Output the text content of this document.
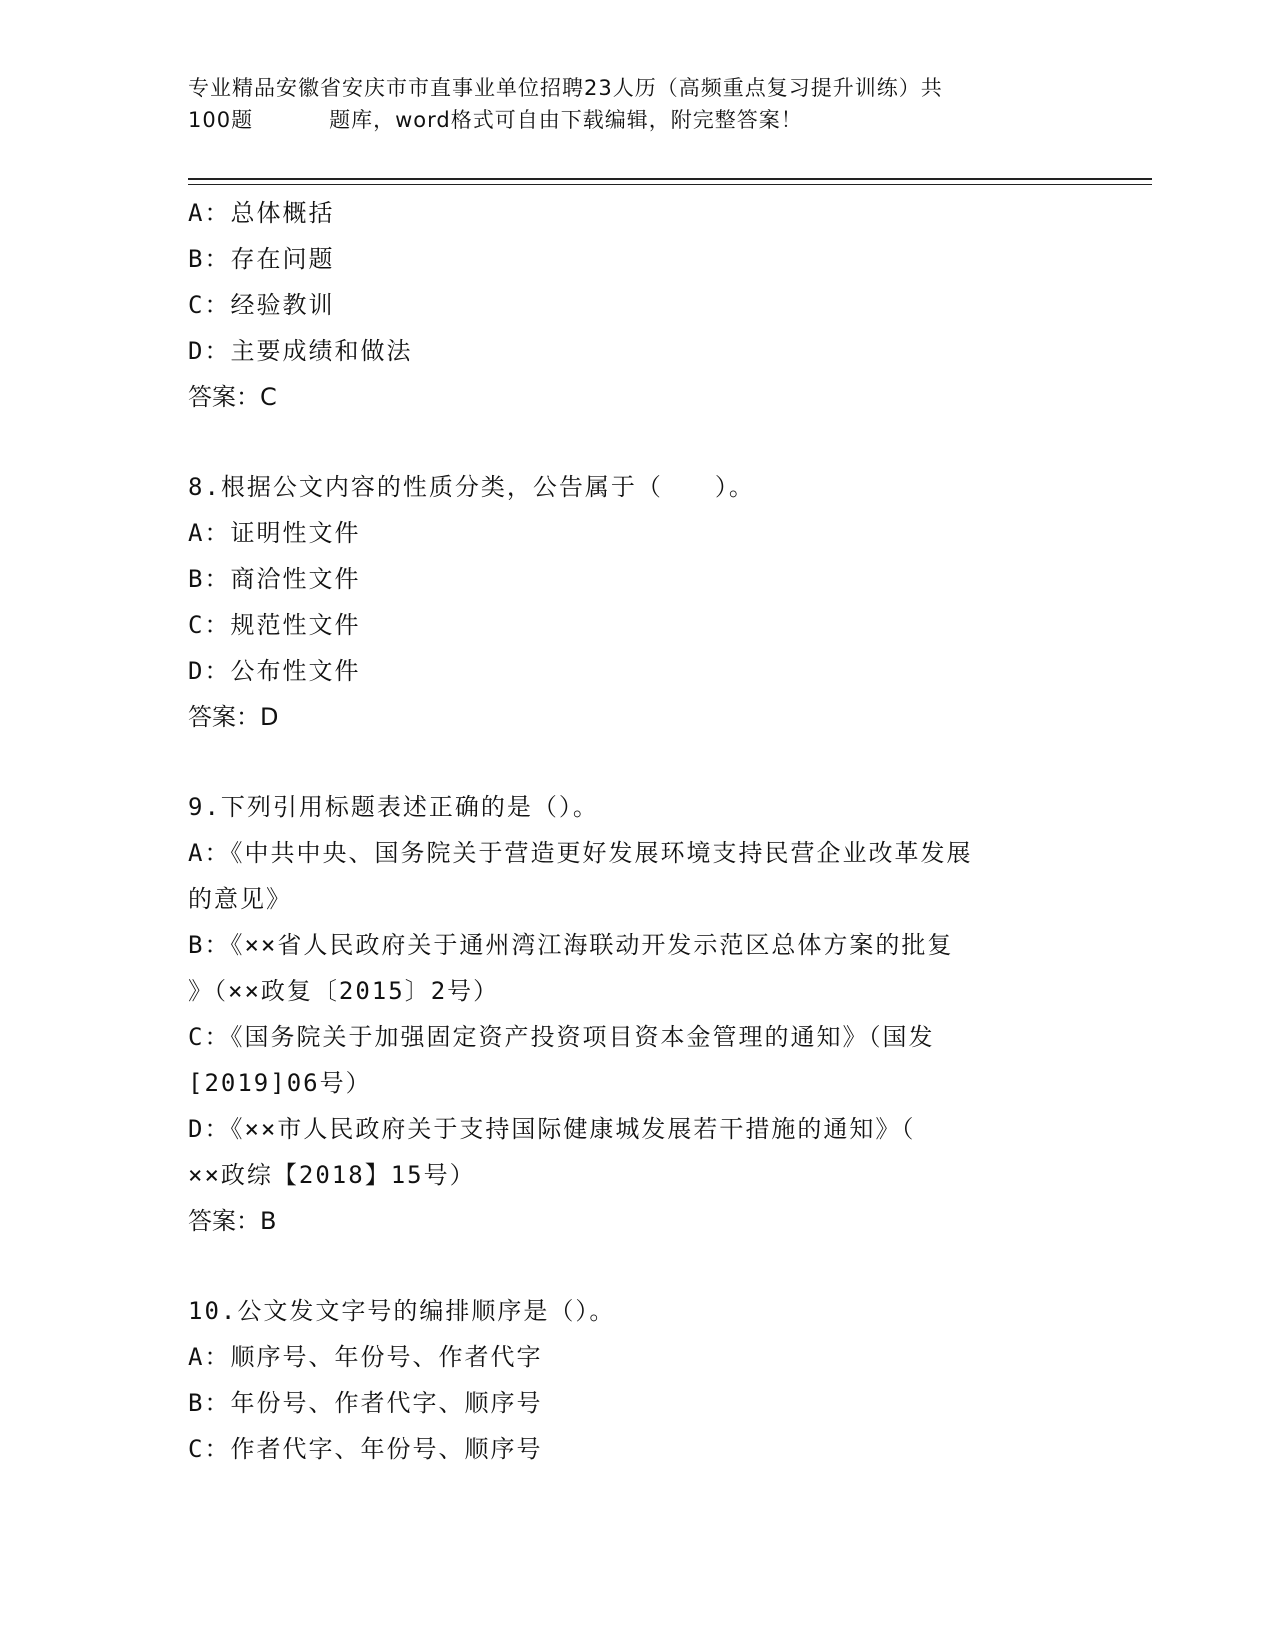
专业精品安徽省安庆市市直事业单位招聘23人历（高频重点复习提升训练）共
100题	题库，word格式可自由下载编辑，附完整答案！
A：总体概括
B：存在问题
C：经验教训
D：主要成绩和做法
答案：C
8.根据公文内容的性质分类，公告属于（　　）。
A：证明性文件
B：商洽性文件
C：规范性文件
D：公布性文件
答案：D
9.下列引用标题表述正确的是（）。
A：《中共中央、国务院关于营造更好发展环境支持民营企业改革发展
的意见》
B：《××省人民政府关于通州湾江海联动开发示范区总体方案的批复
》（××政复〔2015〕2号）
C：《国务院关于加强固定资产投资项目资本金管理的通知》（国发
[2019]06号）
D：《××市人民政府关于支持国际健康城发展若干措施的通知》（
××政综【2018】15号）
答案：B
10.公文发文字号的编排顺序是（）。
A：顺序号、年份号、作者代字
B：年份号、作者代字、顺序号
C：作者代字、年份号、顺序号
